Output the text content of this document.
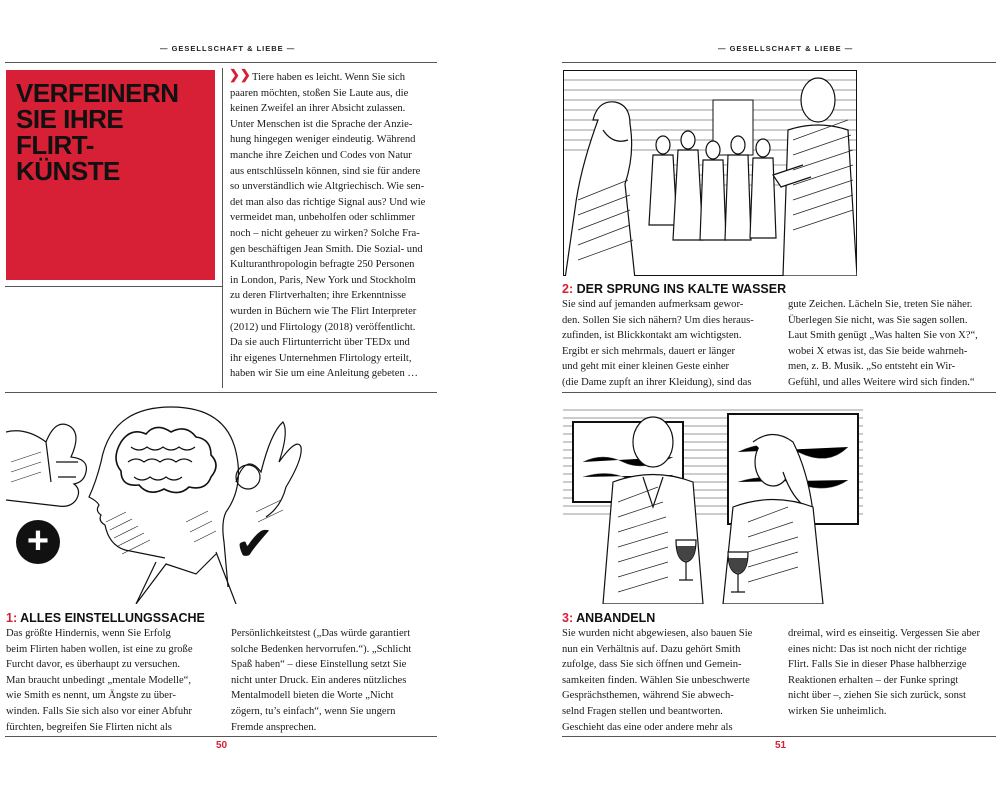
— GESELLSCHAFT & LIEBE —
VERFEINERN
SIE IHRE
FLIRT-
KÜNSTE
❯❯ Tiere haben es leicht. Wenn Sie sich
paaren möchten, stoßen Sie Laute aus, die
keinen Zweifel an ihrer Absicht zulassen.
Unter Menschen ist die Sprache der Anzie-
hung hingegen weniger eindeutig. Während
manche ihre Zeichen und Codes von Natur
aus entschlüsseln können, sind sie für andere
so unverständlich wie Altgriechisch. Wie sen-
det man also das richtige Signal aus? Und wie
vermeidet man, unbeholfen oder schlimmer
noch – nicht geheuer zu wirken? Solche Fra-
gen beschäftigen Jean Smith. Die Sozial- und
Kulturanthropologin befragte 250 Personen
in London, Paris, New York und Stockholm
zu deren Flirtverhalten; ihre Erkenntnisse
wurden in Büchern wie The Flirt Interpreter
(2012) und Flirtology (2018) veröffentlicht.
Da sie auch Flirtunterricht über TEDx und
ihr eigenes Unternehmen Flirtology erteilt,
haben wir Sie um eine Anleitung gebeten …
+	✔
1: ALLES EINSTELLUNGSSACHE
Das größte Hindernis, wenn Sie Erfolg
beim Flirten haben wollen, ist eine zu große
Furcht davor, es überhaupt zu versuchen.
Man braucht unbedingt „mentale Modelle“,
wie Smith es nennt, um Ängste zu über-
winden. Falls Sie sich also vor einer Abfuhr
fürchten, begreifen Sie Flirten nicht als
Persönlichkeitstest („Das würde garantiert
solche Bedenken hervorrufen.“). „Schlicht
Spaß haben“ – diese Einstellung setzt Sie
nicht unter Druck. Ein anderes nützliches
Mentalmodell bieten die Worte „Nicht
zögern, tu’s einfach“, wenn Sie ungern
Fremde ansprechen.
50
— GESELLSCHAFT & LIEBE —
2: DER SPRUNG INS KALTE WASSER
Sie sind auf jemanden aufmerksam gewor-
den. Sollen Sie sich nähern? Um dies heraus-
zufinden, ist Blickkontakt am wichtigsten.
Ergibt er sich mehrmals, dauert er länger
und geht mit einer kleinen Geste einher
(die Dame zupft an ihrer Kleidung), sind das
gute Zeichen. Lächeln Sie, treten Sie näher.
Überlegen Sie nicht, was Sie sagen sollen.
Laut Smith genügt „Was halten Sie von X?“,
wobei X etwas ist, das Sie beide wahrneh-
men, z. B. Musik. „So entsteht ein Wir-
Gefühl, und alles Weitere wird sich finden.“
3: ANBANDELN
Sie wurden nicht abgewiesen, also bauen Sie
nun ein Verhältnis auf. Dazu gehört Smith
zufolge, dass Sie sich öffnen und Gemein-
samkeiten finden. Wählen Sie unbeschwerte
Gesprächsthemen, während Sie abwech-
selnd Fragen stellen und beantworten.
Geschieht das eine oder andere mehr als
dreimal, wird es einseitig. Vergessen Sie aber
eines nicht: Das ist noch nicht der richtige
Flirt. Falls Sie in dieser Phase halbherzige
Reaktionen erhalten – der Funke springt
nicht über –, ziehen Sie sich zurück, sonst
wirken Sie unheimlich.
51
